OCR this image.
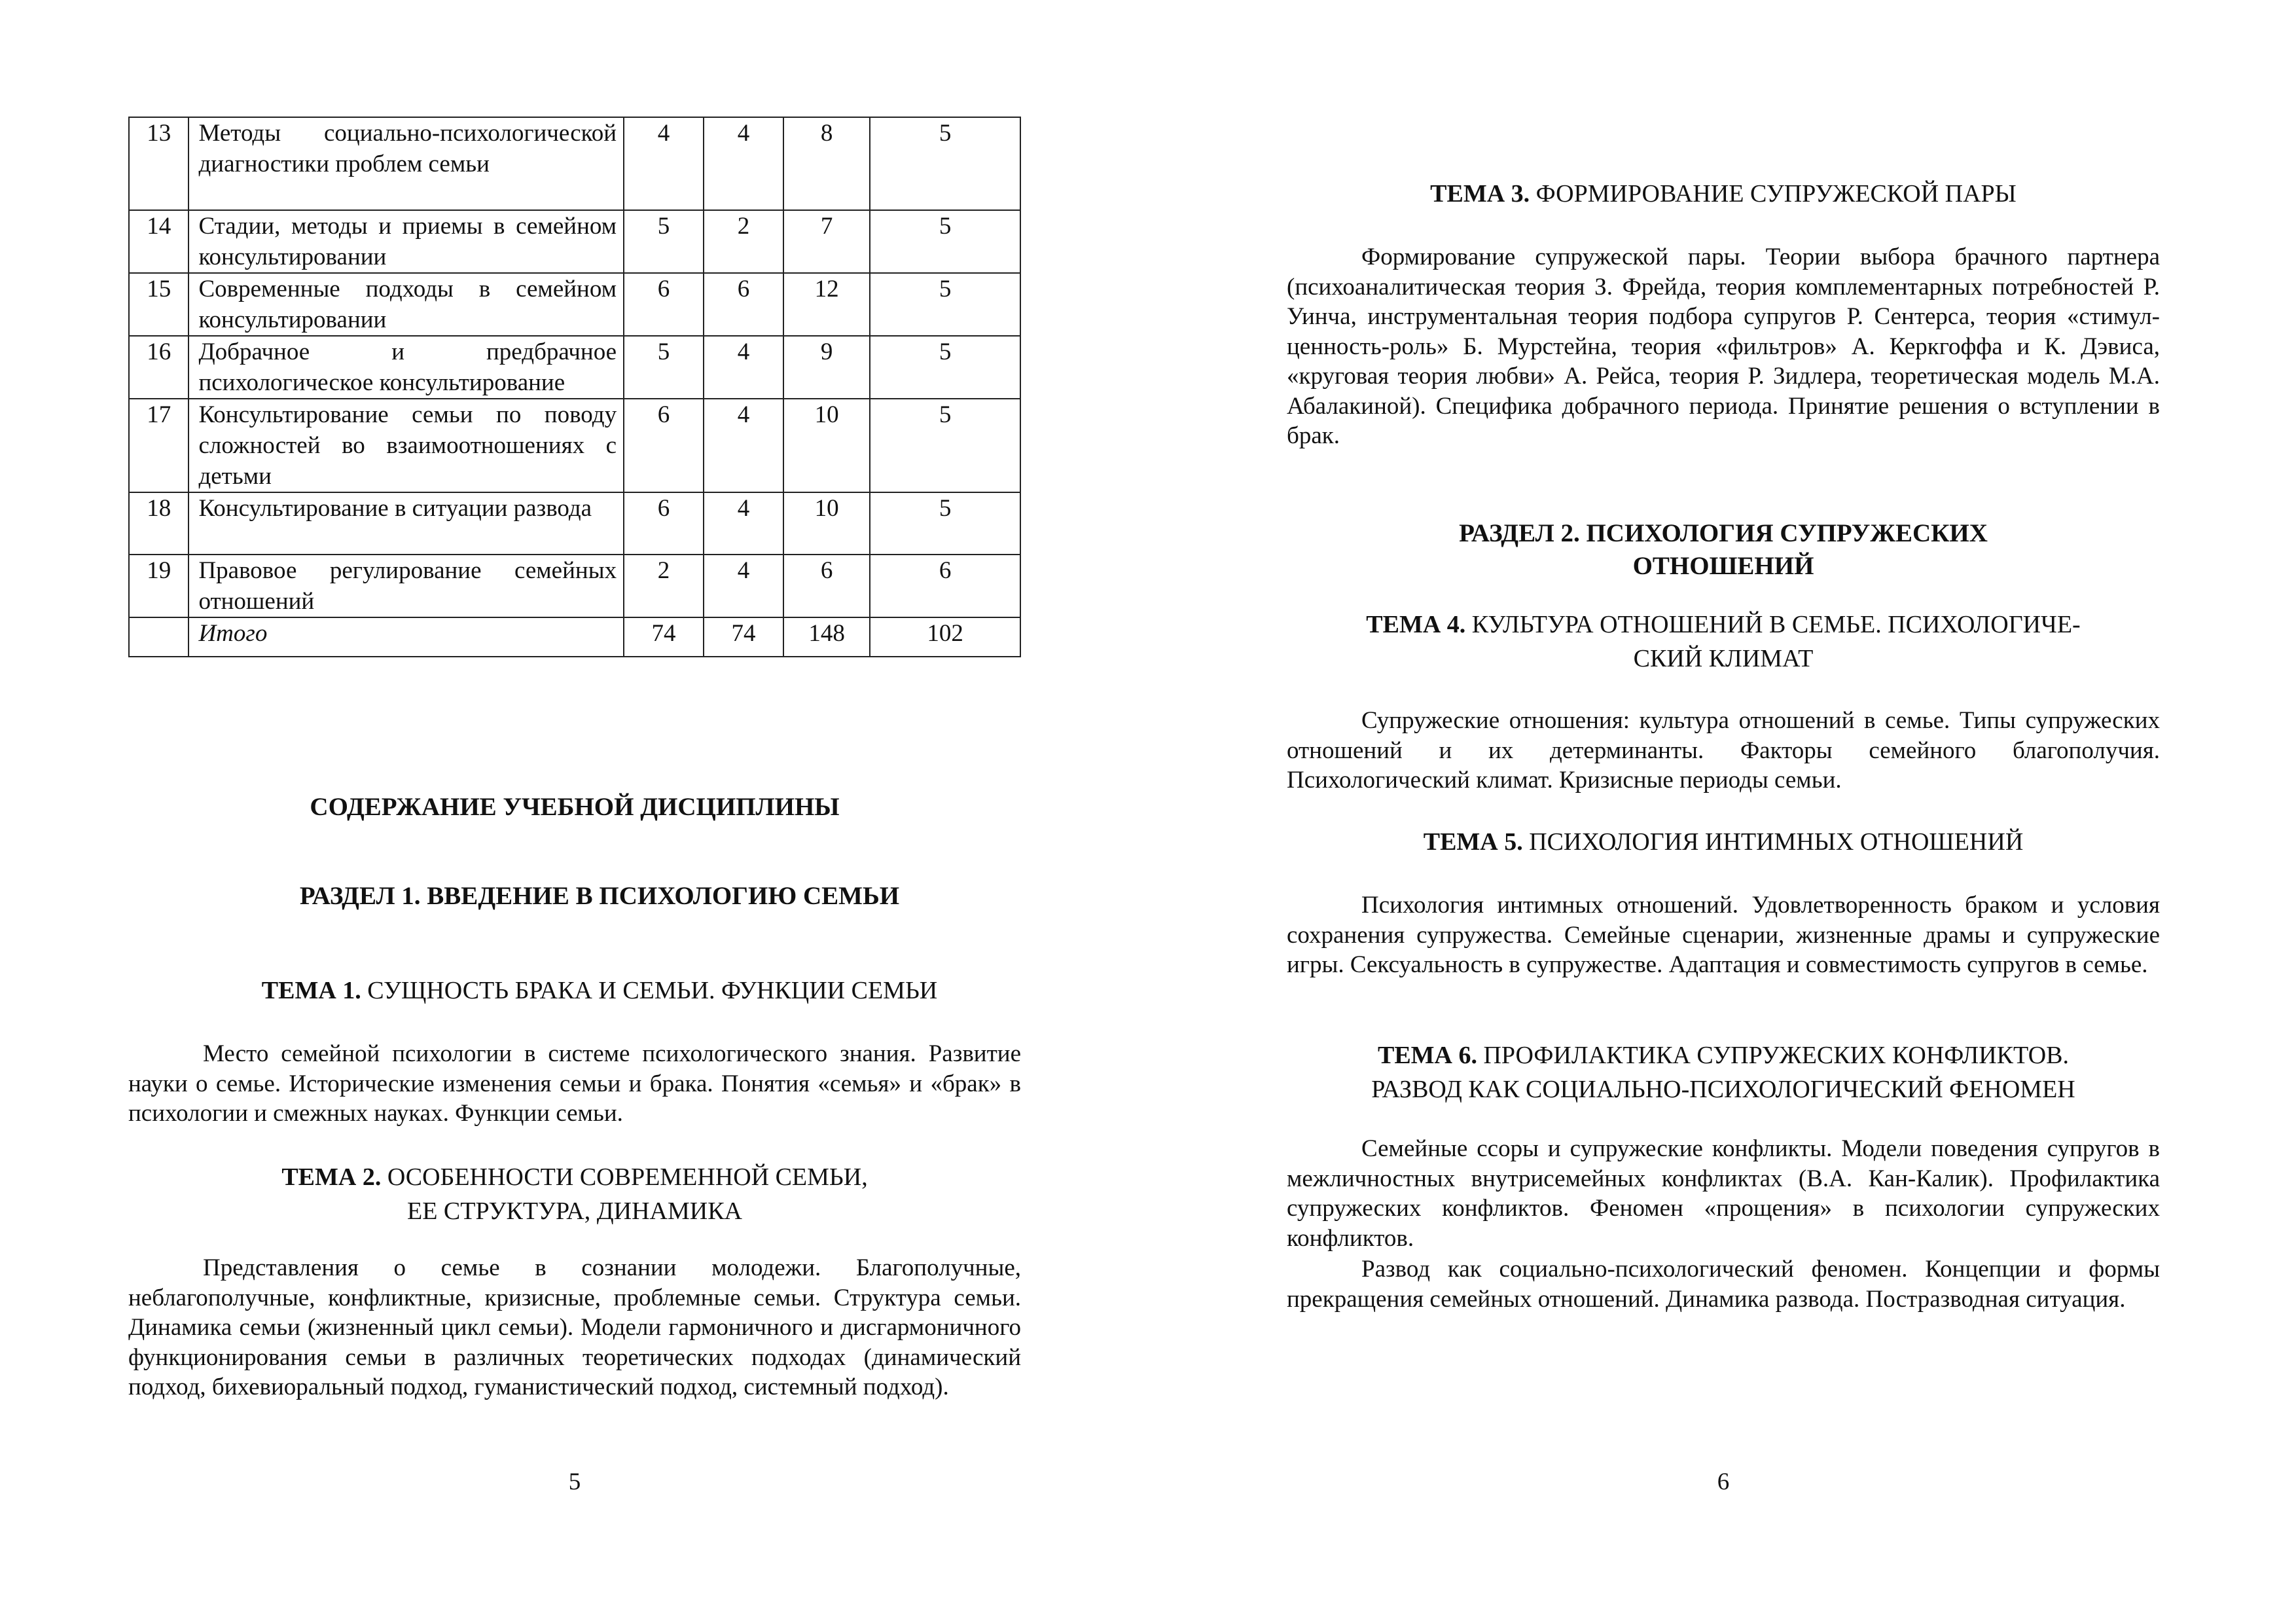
13	Методы социально-психологической диагностики проблем семьи	4	4	8	5
14	Стадии, методы и приемы в семейном консультировании	5	2	7	5
15	Современные подходы в семейном консультировании	6	6	12	5
16	Добрачное и предбрачное психологическое консультирование	5	4	9	5
17	Консультирование семьи по поводу сложностей во взаимоотношениях с детьми	6	4	10	5
18	Консультирование в ситуации развода	6	4	10	5
19	Правовое регулирование семейных отношений	2	4	6	6
	Итого	74	74	148	102
СОДЕРЖАНИЕ УЧЕБНОЙ ДИСЦИПЛИНЫ
РАЗДЕЛ 1. ВВЕДЕНИЕ В ПСИХОЛОГИЮ СЕМЬИ
ТЕМА 1. СУЩНОСТЬ БРАКА И СЕМЬИ. ФУНКЦИИ СЕМЬИ

Место семейной психологии в системе психологического знания. Развитие науки о семье. Исторические изменения семьи и брака. Понятия «семья» и «брак» в психологии и смежных науках. Функции семьи.

ТЕМА 2. ОСОБЕННОСТИ СОВРЕМЕННОЙ СЕМЬИ,
ЕЕ СТРУКТУРА, ДИНАМИКА

Представления о семье в сознании молодежи. Благополучные, неблагополучные, конфликтные, кризисные, проблемные семьи. Структура семьи. Динамика семьи (жизненный цикл семьи). Модели гармоничного и дисгармоничного функционирования семьи в различных теоретических подходах (динамический подход, бихевиоральный подход, гуманистический подход, системный подход).

5
ТЕМА 3. ФОРМИРОВАНИЕ СУПРУЖЕСКОЙ ПАРЫ

Формирование супружеской пары. Теории выбора брачного партнера (психоаналитическая теория З. Фрейда, теория комплементарных потребностей Р. Уинча, инструментальная теория подбора супругов Р. Сентерса, теория «стимул-ценность-роль» Б. Мурстейна, теория «фильтров» А. Керкгоффа и К. Дэвиса, «круговая теория любви» А. Рейса, теория Р. Зидлера, теоретическая модель М.А. Абалакиной). Специфика добрачного периода. Принятие решения о вступлении в брак.

РАЗДЕЛ 2. ПСИХОЛОГИЯ СУПРУЖЕСКИХ
ОТНОШЕНИЙ
ТЕМА 4. КУЛЬТУРА ОТНОШЕНИЙ В СЕМЬЕ. ПСИХОЛОГИЧЕ-
СКИЙ КЛИМАТ

Супружеские отношения: культура отношений в семье. Типы супружеских отношений и их детерминанты. Факторы семейного благополучия. Психологический климат. Кризисные периоды семьи.

ТЕМА 5. ПСИХОЛОГИЯ ИНТИМНЫХ ОТНОШЕНИЙ

Психология интимных отношений. Удовлетворенность браком и условия сохранения супружества. Семейные сценарии, жизненные драмы и супружеские игры. Сексуальность в супружестве. Адаптация и совместимость супругов в семье.

ТЕМА 6. ПРОФИЛАКТИКА СУПРУЖЕСКИХ КОНФЛИКТОВ.
РАЗВОД КАК СОЦИАЛЬНО-ПСИХОЛОГИЧЕСКИЙ ФЕНОМЕН

Семейные ссоры и супружеские конфликты. Модели поведения супругов в межличностных внутрисемейных конфликтах (В.А. Кан-Калик). Профилактика супружеских конфликтов. Феномен «прощения» в психологии супружеских конфликтов.

Развод как социально-психологический феномен. Концепции и формы прекращения семейных отношений. Динамика развода. Постразводная ситуация.

6
